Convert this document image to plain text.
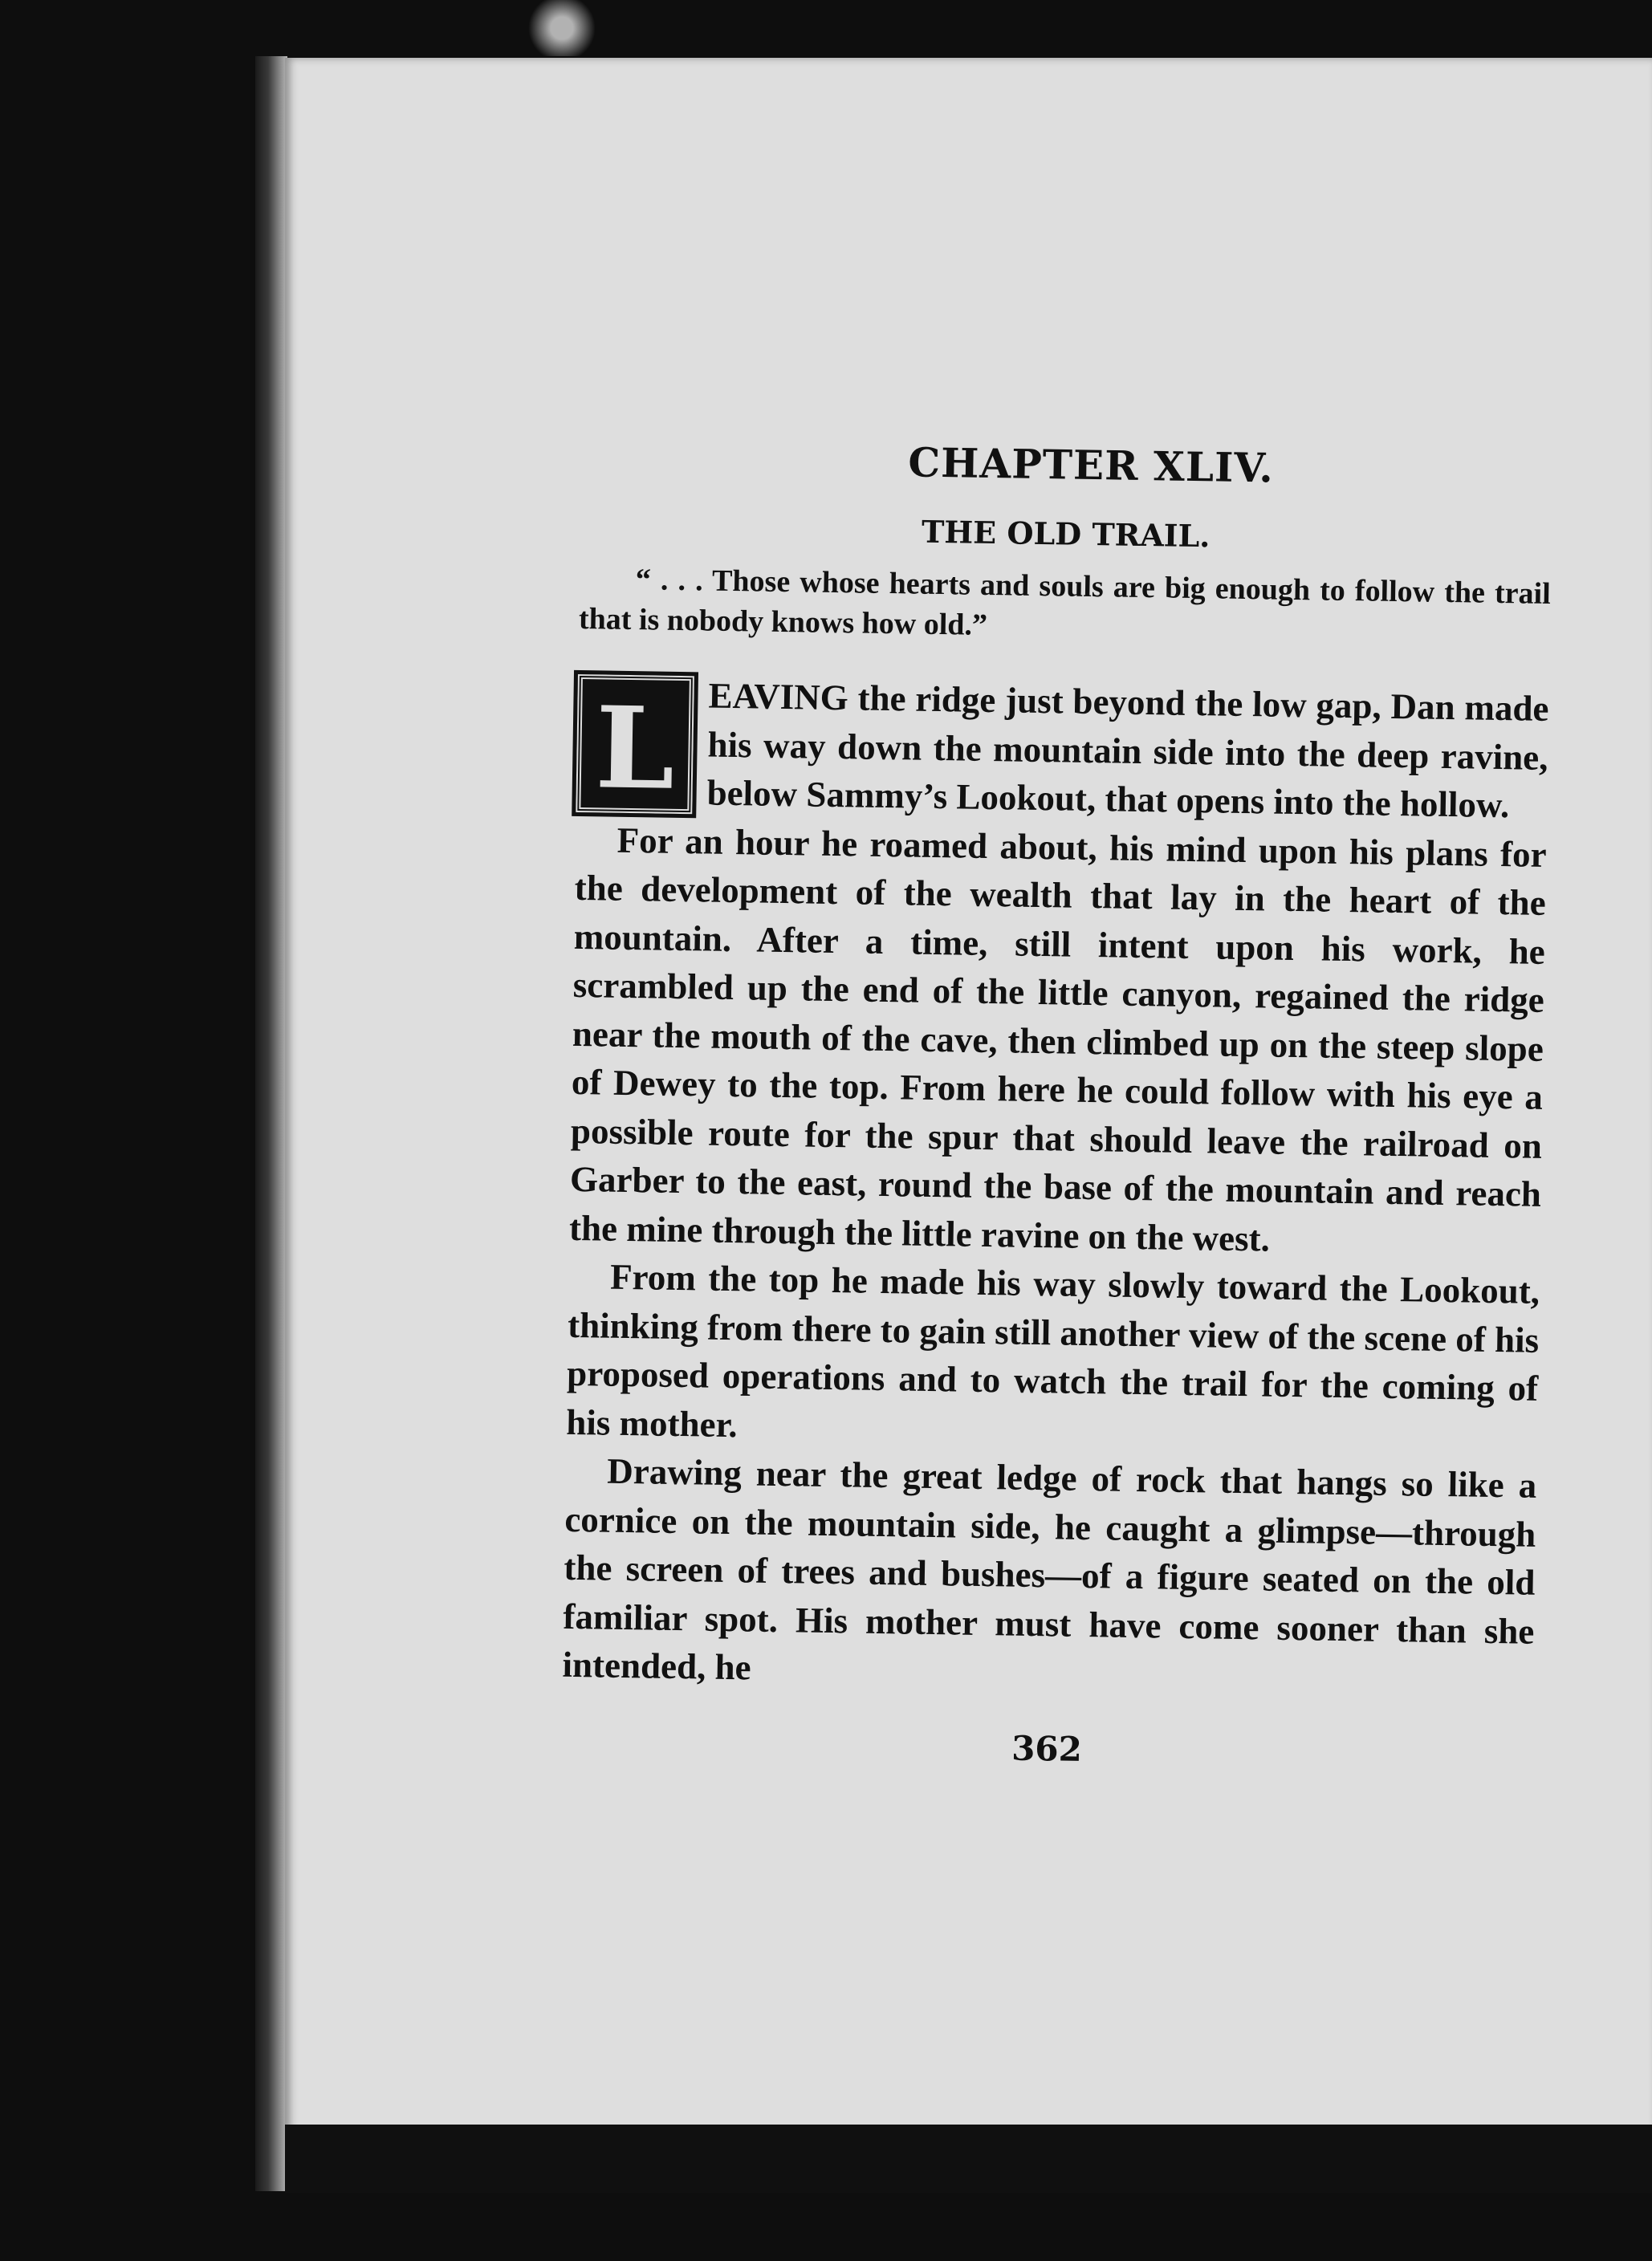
CHAPTER XLIV.
THE OLD TRAIL.
“ . . . Those whose hearts and souls are big enough to follow the trail that is nobody knows how old.”

L EAVING the ridge just beyond the low gap, Dan made his way down the mountain side into the deep ravine, below Sammy’s Lookout, that opens into the hollow.

For an hour he roamed about, his mind upon his plans for the development of the wealth that lay in the heart of the mountain. After a time, still intent upon his work, he scrambled up the end of the little canyon, regained the ridge near the mouth of the cave, then climbed up on the steep slope of Dewey to the top. From here he could follow with his eye a possible route for the spur that should leave the railroad on Garber to the east, round the base of the mountain and reach the mine through the little ravine on the west.

From the top he made his way slowly toward the Lookout, thinking from there to gain still another view of the scene of his proposed operations and to watch the trail for the coming of his mother.

Drawing near the great ledge of rock that hangs so like a cornice on the mountain side, he caught a glimpse—through the screen of trees and bushes—of a figure seated on the old familiar spot. His mother must have come sooner than she intended, he

362
